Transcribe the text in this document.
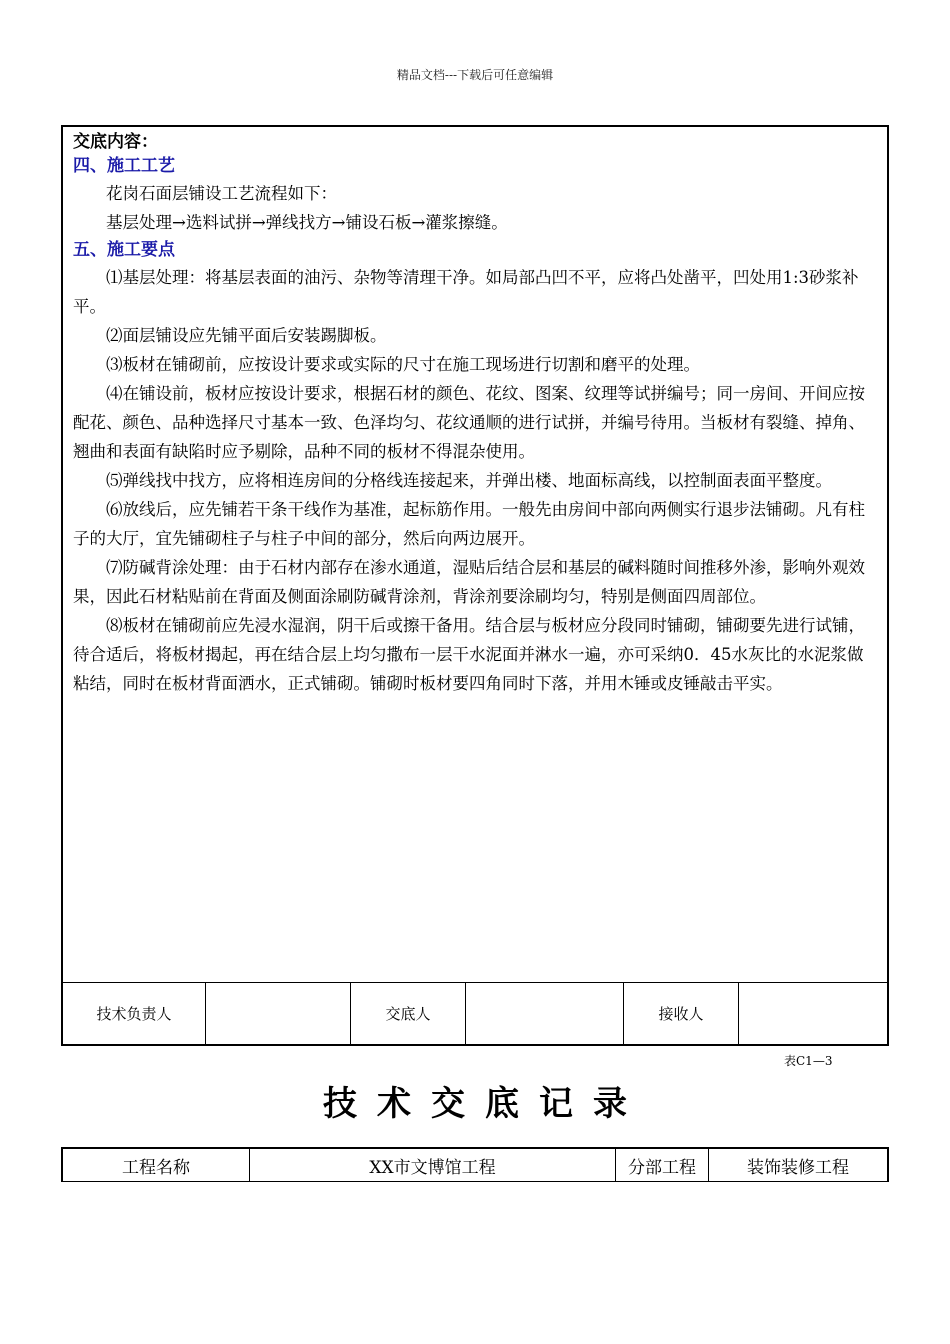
精品文档---下载后可任意编辑
交底内容：
四、施工工艺

花岗石面层铺设工艺流程如下：

基层处理→选料试拼→弹线找方→铺设石板→灌浆擦缝。

五、施工要点

⑴基层处理：将基层表面的油污、杂物等清理干净。如局部凸凹不平，应将凸处凿平，凹处用1:3砂浆补平。

⑵面层铺设应先铺平面后安装踢脚板。

⑶板材在铺砌前，应按设计要求或实际的尺寸在施工现场进行切割和磨平的处理。

⑷在铺设前，板材应按设计要求，根据石材的颜色、花纹、图案、纹理等试拼编号；同一房间、开间应按配花、颜色、品种选择尺寸基本一致、色泽均匀、花纹通顺的进行试拼，并编号待用。当板材有裂缝、掉角、翘曲和表面有缺陷时应予剔除，品种不同的板材不得混杂使用。

⑸弹线找中找方，应将相连房间的分格线连接起来，并弹出楼、地面标高线，以控制面表面平整度。

⑹放线后，应先铺若干条干线作为基准，起标筋作用。一般先由房间中部向两侧实行退步法铺砌。凡有柱子的大厅，宜先铺砌柱子与柱子中间的部分，然后向两边展开。

⑺防碱背涂处理：由于石材内部存在渗水通道，湿贴后结合层和基层的碱料随时间推移外渗，影响外观效果，因此石材粘贴前在背面及侧面涂刷防碱背涂剂，背涂剂要涂刷均匀，特别是侧面四周部位。

⑻板材在铺砌前应先浸水湿润，阴干后或擦干备用。结合层与板材应分段同时铺砌，铺砌要先进行试铺，待合适后，将板材揭起，再在结合层上均匀撒布一层干水泥面并淋水一遍，亦可采纳0．45水灰比的水泥浆做粘结，同时在板材背面洒水，正式铺砌。铺砌时板材要四角同时下落，并用木锤或皮锤敲击平实。

技术负责人	交底人	接收人
表C1—3
技术交底记录
工程名称	XX市文博馆工程	分部工程	装饰装修工程
